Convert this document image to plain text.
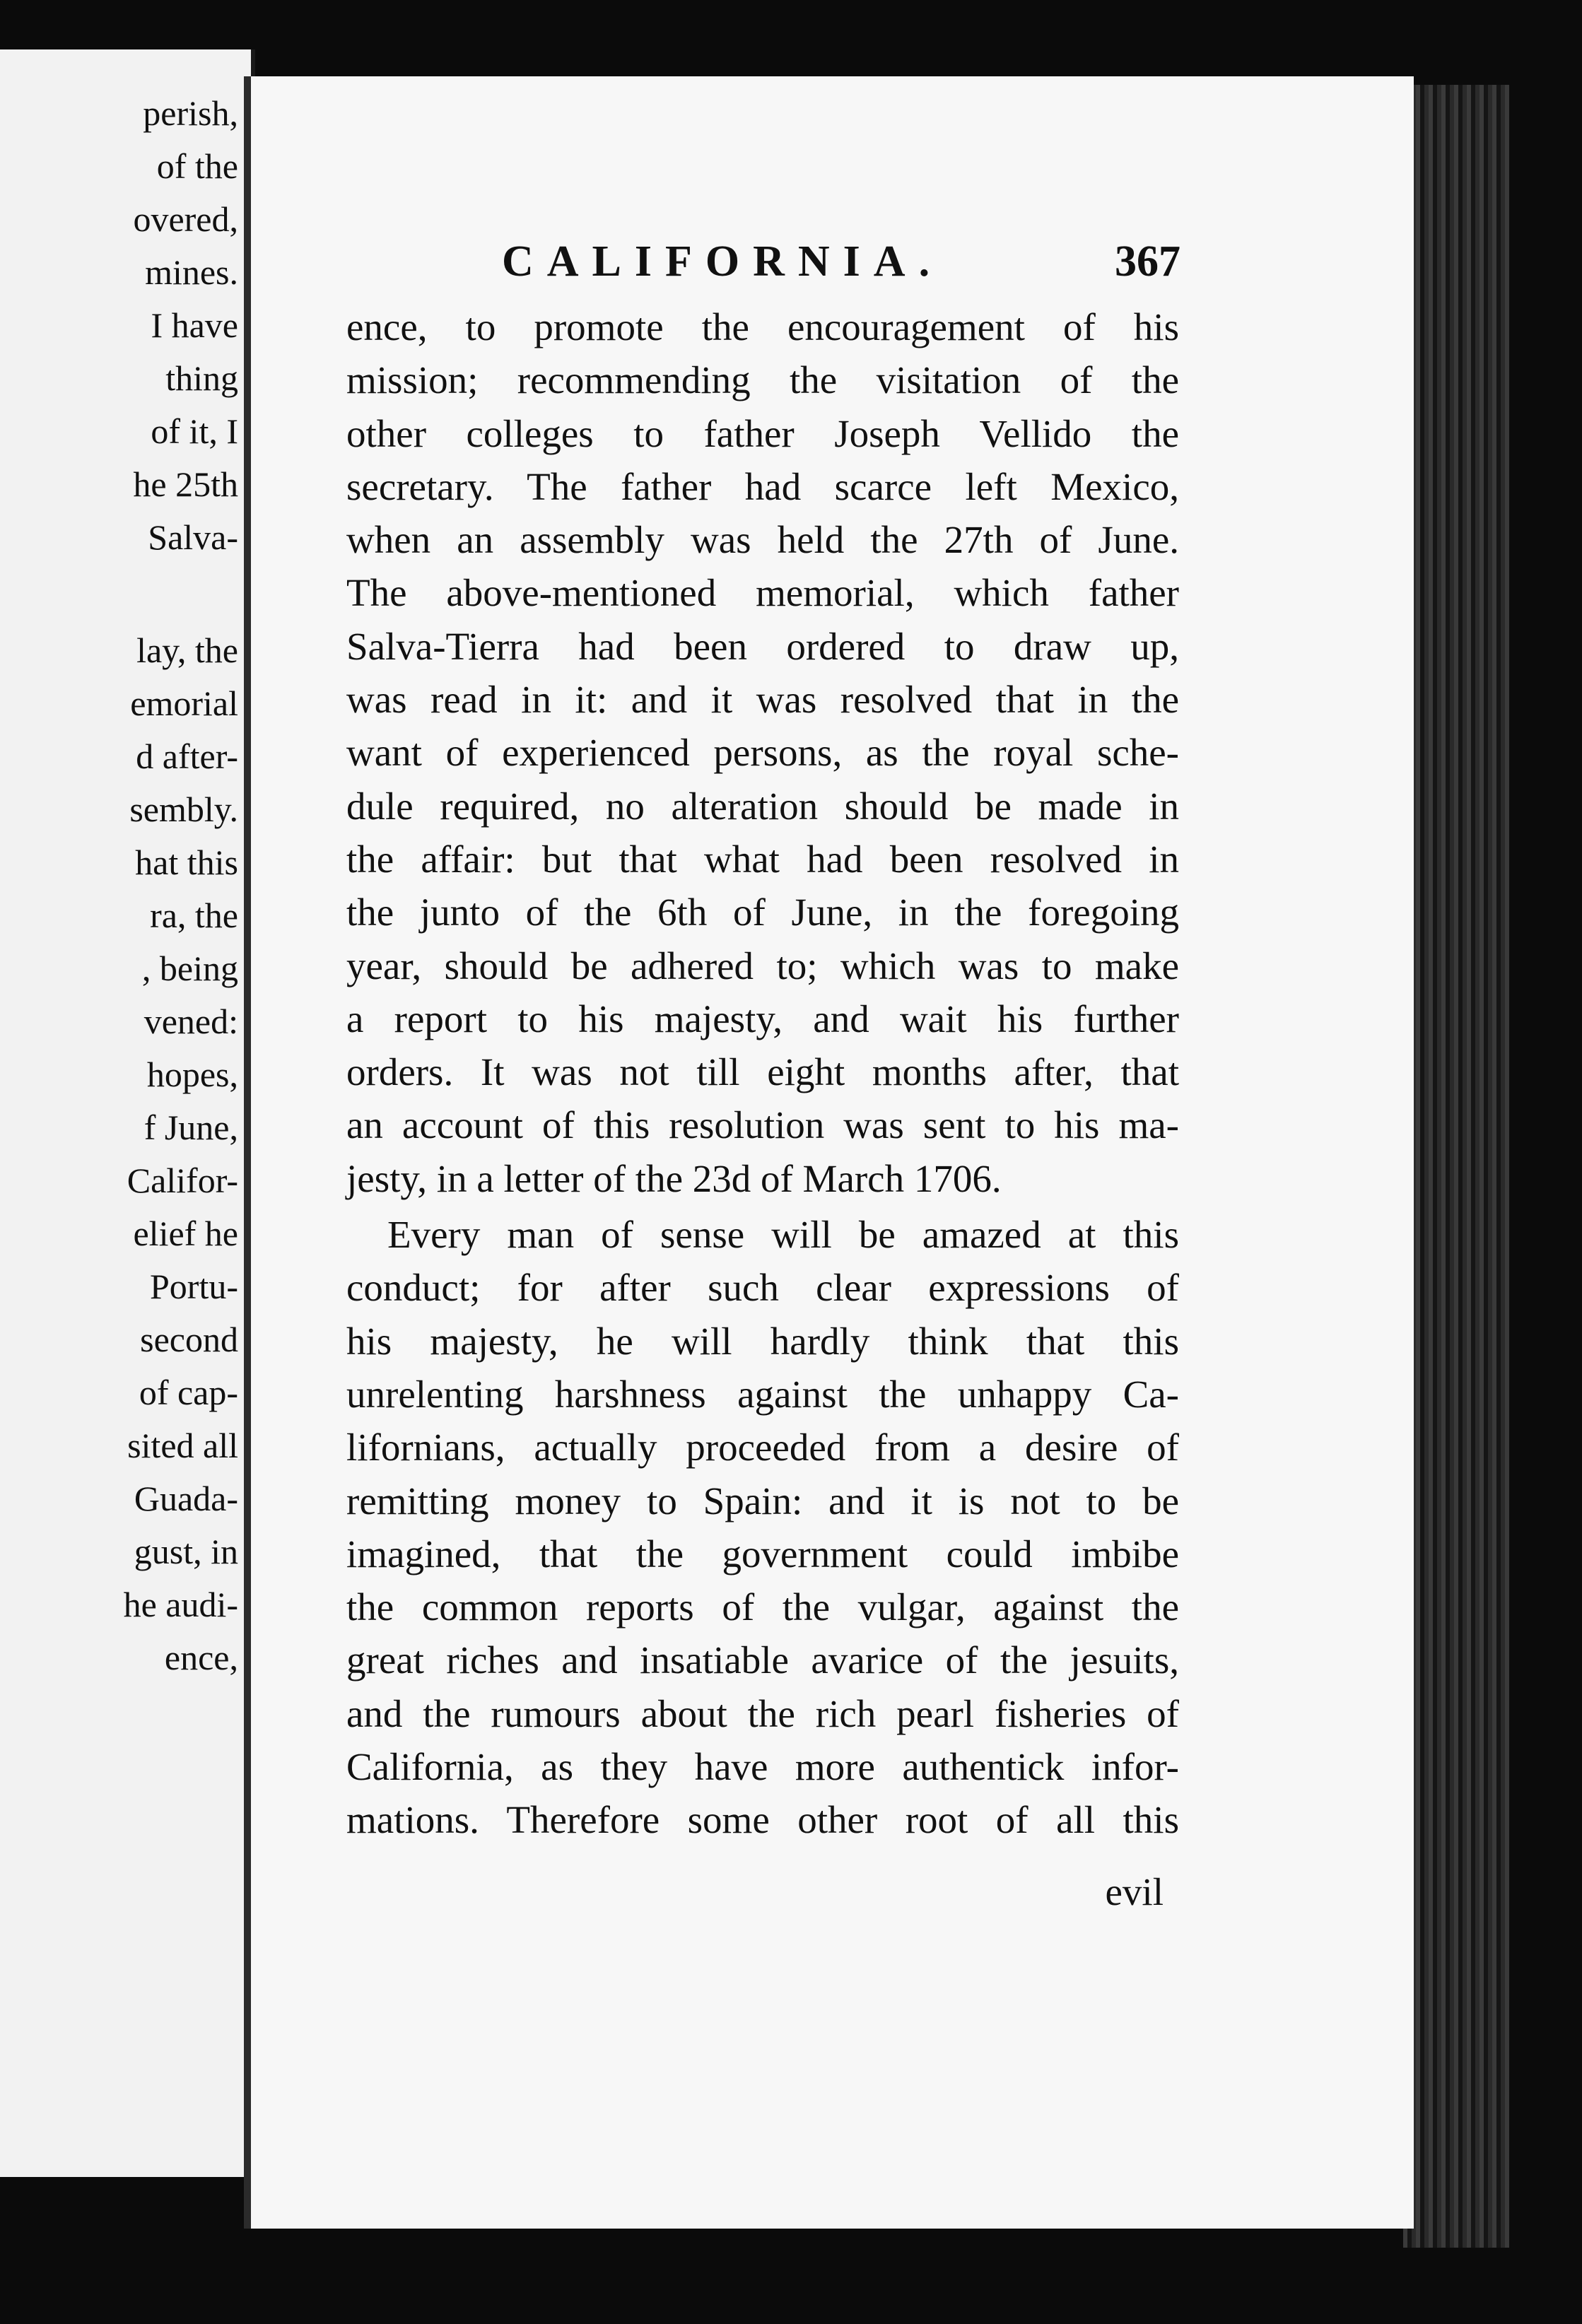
perish,
of the
overed,
mines.
I have
thing
of it, I
he 25th
Salva-
lay, the
emorial
d after-
sembly.
hat this
ra, the
, being
vened:
hopes,
f June,
Califor-
elief he
Portu-
second
of cap-
sited all
Guada-
gust, in
he audi-
ence,
CALIFORNIA.	367
ence, to promote the encouragement of his
mission; recommending the visitation of the
other colleges to father Joseph Vellido the
secretary. The father had scarce left Mexico,
when an assembly was held the 27th of June.
The above-mentioned memorial, which father
Salva-Tierra had been ordered to draw up,
was read in it: and it was resolved that in the
want of experienced persons, as the royal sche-
dule required, no alteration should be made in
the affair: but that what had been resolved in
the junto of the 6th of June, in the foregoing
year, should be adhered to; which was to make
a report to his majesty, and wait his further
orders. It was not till eight months after, that
an account of this resolution was sent to his ma-
jesty, in a letter of the 23d of March 1706.
Every man of sense will be amazed at this
conduct; for after such clear expressions of
his majesty, he will hardly think that this
unrelenting harshness against the unhappy Ca-
lifornians, actually proceeded from a desire of
remitting money to Spain: and it is not to be
imagined, that the government could imbibe
the common reports of the vulgar, against the
great riches and insatiable avarice of the jesuits,
and the rumours about the rich pearl fisheries of
California, as they have more authentick infor-
mations. Therefore some other root of all this
evil
